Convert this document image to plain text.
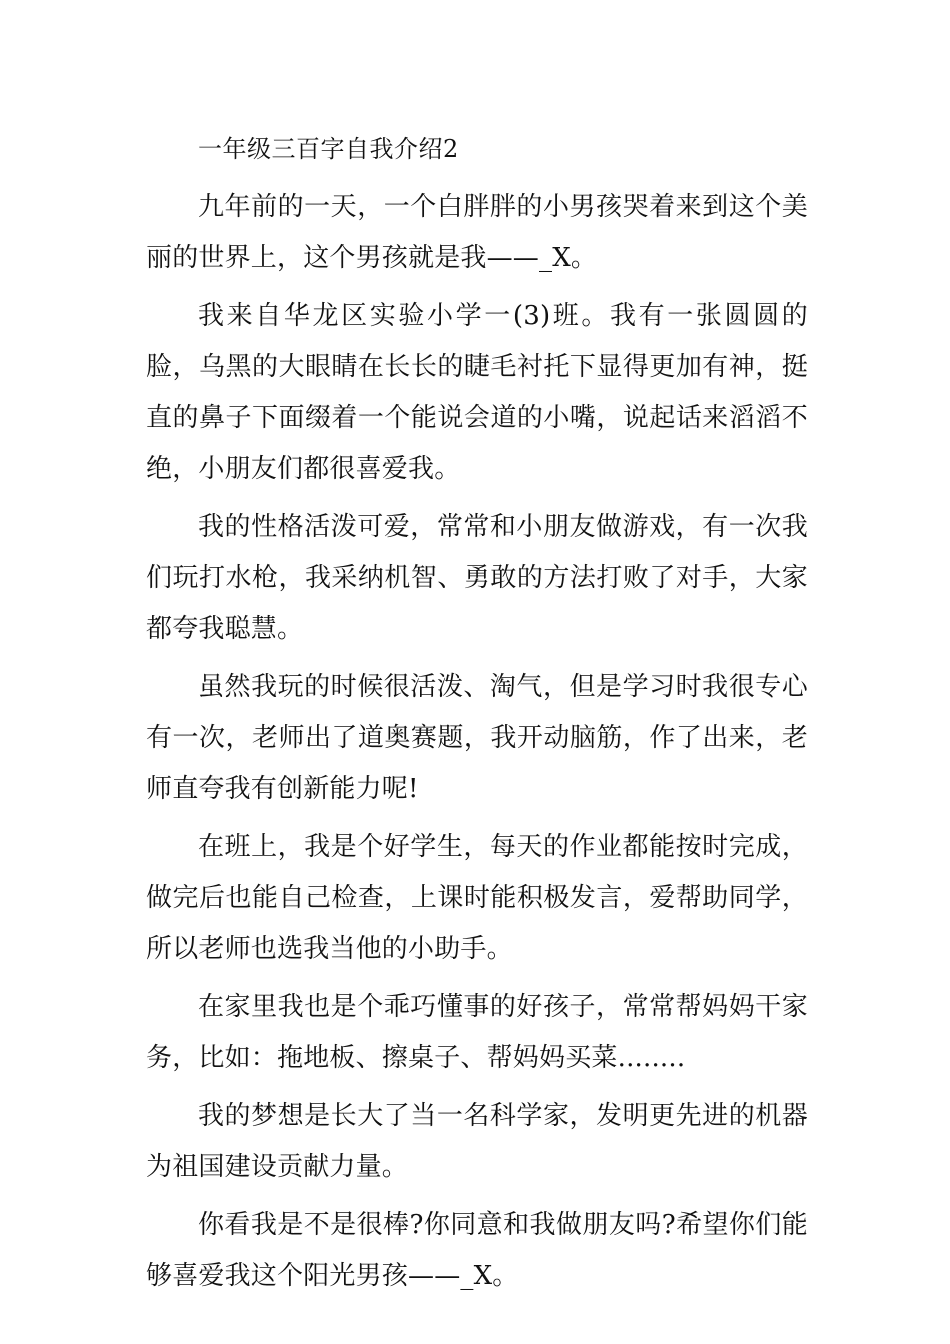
一年级三百字自我介绍2

九年前的一天，一个白胖胖的小男孩哭着来到这个美丽的世界上，这个男孩就是我——_X。

我来自华龙区实验小学一(3)班。我有一张圆圆的脸，乌黑的大眼睛在长长的睫毛衬托下显得更加有神，挺直的鼻子下面缀着一个能说会道的小嘴，说起话来滔滔不绝，小朋友们都很喜爱我。

我的性格活泼可爱，常常和小朋友做游戏，有一次我们玩打水枪，我采纳机智、勇敢的方法打败了对手，大家都夸我聪慧。

虽然我玩的时候很活泼、淘气，但是学习时我很专心有一次，老师出了道奥赛题，我开动脑筋，作了出来，老师直夸我有创新能力呢!

在班上，我是个好学生，每天的作业都能按时完成，做完后也能自己检查，上课时能积极发言，爱帮助同学，所以老师也选我当他的小助手。

在家里我也是个乖巧懂事的好孩子，常常帮妈妈干家务，比如：拖地板、擦桌子、帮妈妈买菜........

我的梦想是长大了当一名科学家，发明更先进的机器为祖国建设贡献力量。

你看我是不是很棒?你同意和我做朋友吗?希望你们能够喜爱我这个阳光男孩——_X。
